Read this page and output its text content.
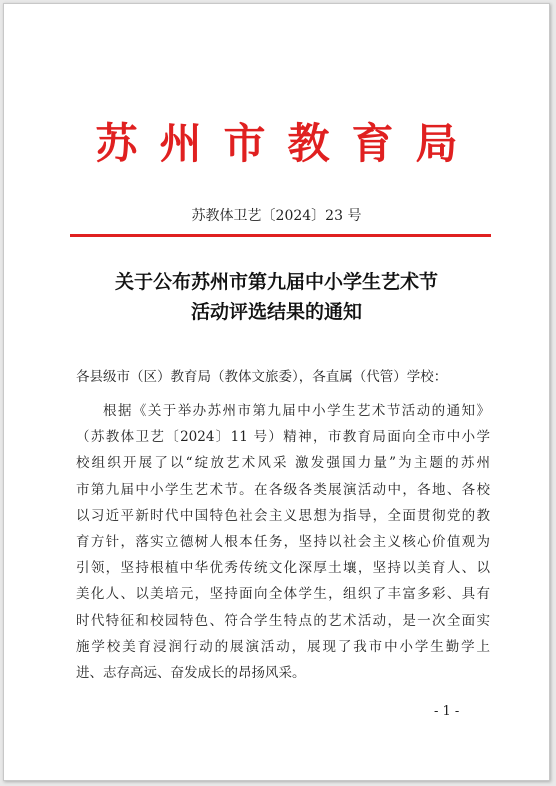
苏州市教育局
苏教体卫艺〔2024〕23 号
关于公布苏州市第九届中小学生艺术节
活动评选结果的通知
各县级市（区）教育局（教体文旅委），各直属（代管）学校：
根据《关于举办苏州市第九届中小学生艺术节活动的通知》
（苏教体卫艺〔2024〕11 号）精神，市教育局面向全市中小学
校组织开展了以“绽放艺术风采 激发强国力量”为主题的苏州
市第九届中小学生艺术节。在各级各类展演活动中，各地、各校
以习近平新时代中国特色社会主义思想为指导，全面贯彻党的教
育方针，落实立德树人根本任务，坚持以社会主义核心价值观为
引领，坚持根植中华优秀传统文化深厚土壤，坚持以美育人、以
美化人、以美培元，坚持面向全体学生，组织了丰富多彩、具有
时代特征和校园特色、符合学生特点的艺术活动，是一次全面实
施学校美育浸润行动的展演活动，展现了我市中小学生勤学上
进、志存高远、奋发成长的昂扬风采。
- 1 -
